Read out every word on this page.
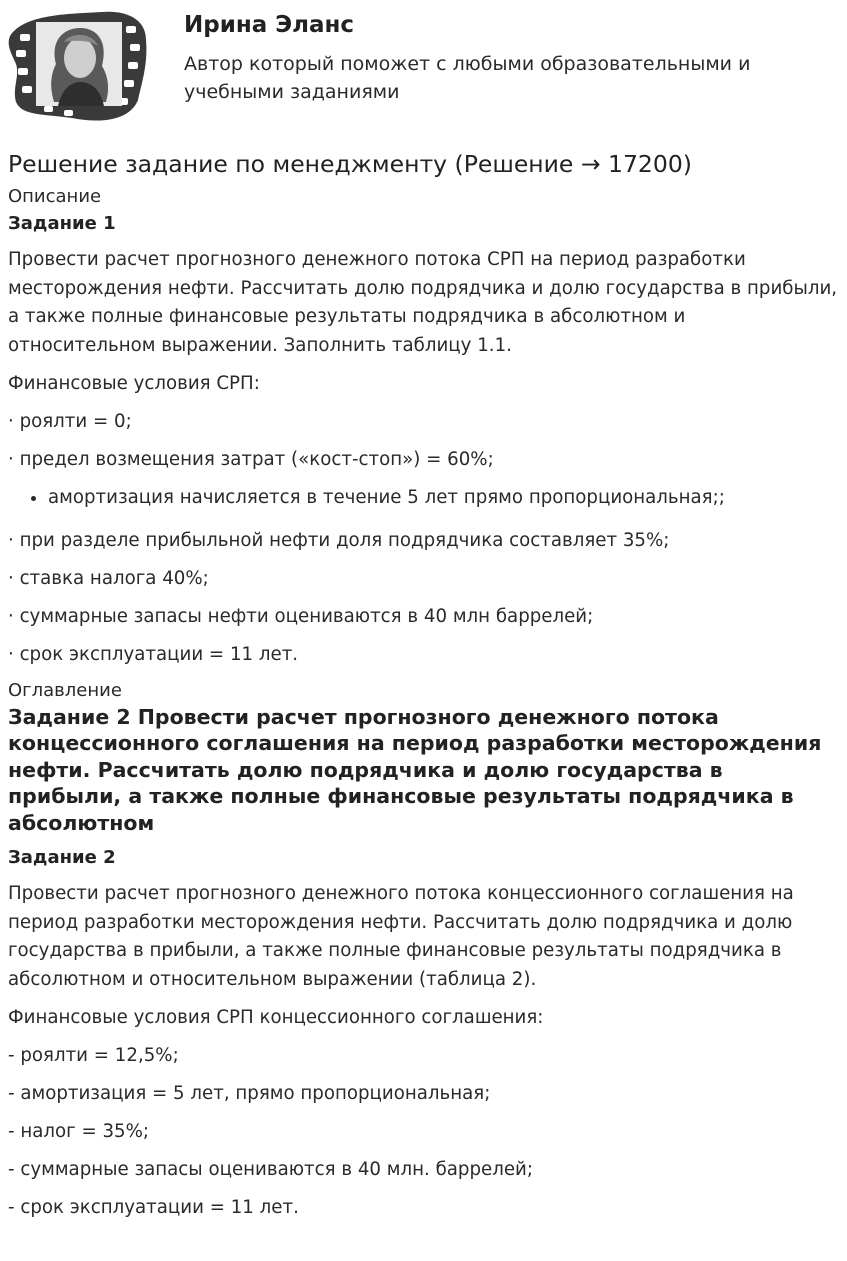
Ирина Эланс
Автор который поможет с любыми образовательными и учебными заданиями
Решение задание по менеджменту (Решение → 17200)
Описание
Задание 1

Провести расчет прогнозного денежного потока СРП на период разработки месторождения нефти. Рассчитать долю подрядчика и долю государства в прибыли, а также полные финансовые результаты подрядчика в абсолютном и относительном выражении. Заполнить таблицу 1.1.

Финансовые условия СРП:

· роялти = 0;

· предел возмещения затрат («кост-стоп») = 60%;

• амортизация начисляется в течение 5 лет прямо пропорциональная;;

· при разделе прибыльной нефти доля подрядчика составляет 35%;

· ставка налога 40%;

· суммарные запасы нефти оцениваются в 40 млн баррелей;

· срок эксплуатации = 11 лет.

Оглавление
Задание 2 Провести расчет прогнозного денежного потока концессионного соглашения на период разработки месторождения нефти. Рассчитать долю подрядчика и долю государства в прибыли, а также полные финансовые результаты подрядчика в абсолютном
Задание 2

Провести расчет прогнозного денежного потока концессионного соглашения на период разработки месторождения нефти. Рассчитать долю подрядчика и долю государства в прибыли, а также полные финансовые результаты подрядчика в абсолютном и относительном выражении (таблица 2).

Финансовые условия СРП концессионного соглашения:

- роялти = 12,5%;

- амортизация = 5 лет, прямо пропорциональная;

- налог = 35%;

- суммарные запасы оцениваются в 40 млн. баррелей;

- срок эксплуатации = 11 лет.
